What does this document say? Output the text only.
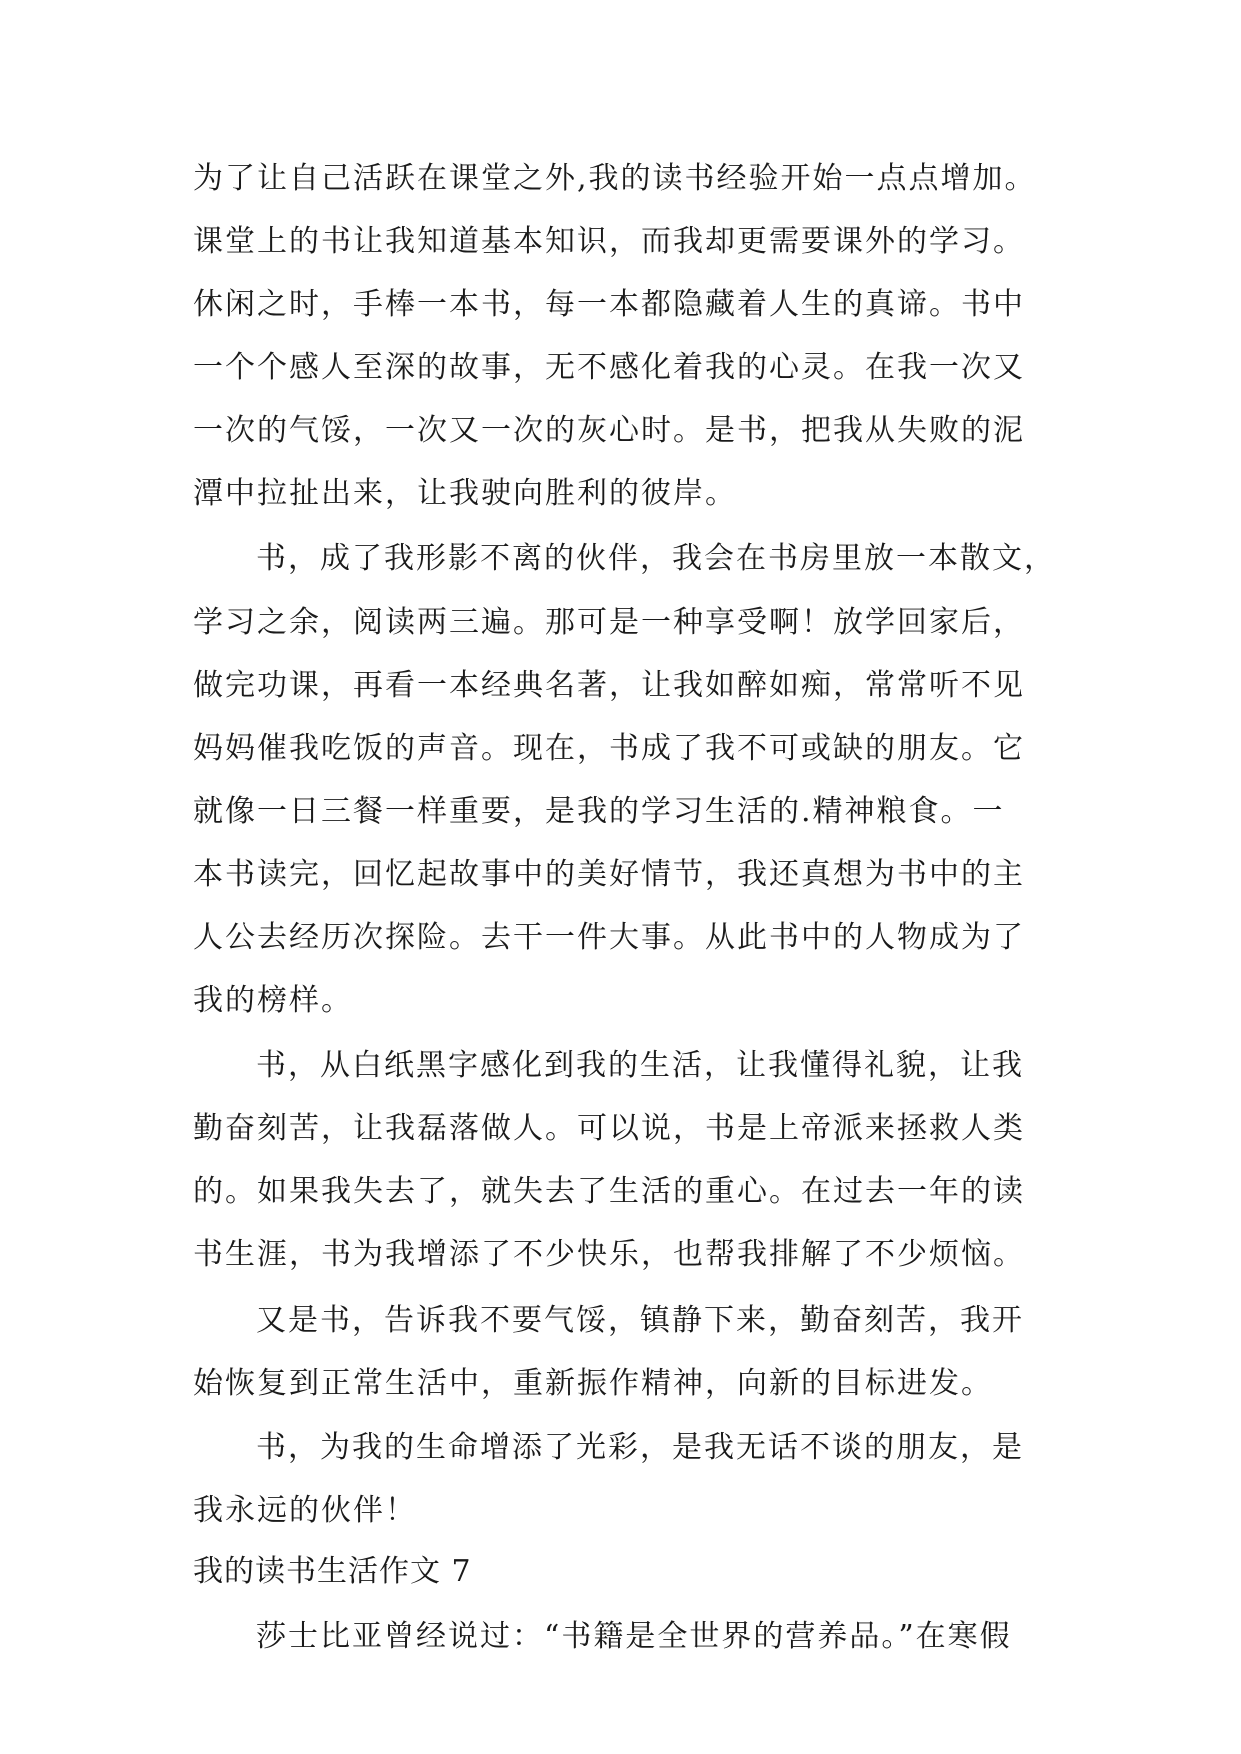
为了让自己活跃在课堂之外,我的读书经验开始一点点增加。
课堂上的书让我知道基本知识，而我却更需要课外的学习。
休闲之时，手棒一本书，每一本都隐藏着人生的真谛。书中
一个个感人至深的故事，无不感化着我的心灵。在我一次又
一次的气馁，一次又一次的灰心时。是书，把我从失败的泥
潭中拉扯出来，让我驶向胜利的彼岸。
书，成了我形影不离的伙伴，我会在书房里放一本散文，
学习之余，阅读两三遍。那可是一种享受啊！放学回家后，
做完功课，再看一本经典名著，让我如醉如痴，常常听不见
妈妈催我吃饭的声音。现在，书成了我不可或缺的朋友。它
就像一日三餐一样重要，是我的学习生活的.精神粮食。一
本书读完，回忆起故事中的美好情节，我还真想为书中的主
人公去经历次探险。去干一件大事。从此书中的人物成为了
我的榜样。
书，从白纸黑字感化到我的生活，让我懂得礼貌，让我
勤奋刻苦，让我磊落做人。可以说，书是上帝派来拯救人类
的。如果我失去了，就失去了生活的重心。在过去一年的读
书生涯，书为我增添了不少快乐，也帮我排解了不少烦恼。
又是书，告诉我不要气馁，镇静下来，勤奋刻苦，我开
始恢复到正常生活中，重新振作精神，向新的目标进发。
书，为我的生命增添了光彩，是我无话不谈的朋友，是
我永远的伙伴！
我的读书生活作文 7
莎士比亚曾经说过：“书籍是全世界的营养品。”在寒假
